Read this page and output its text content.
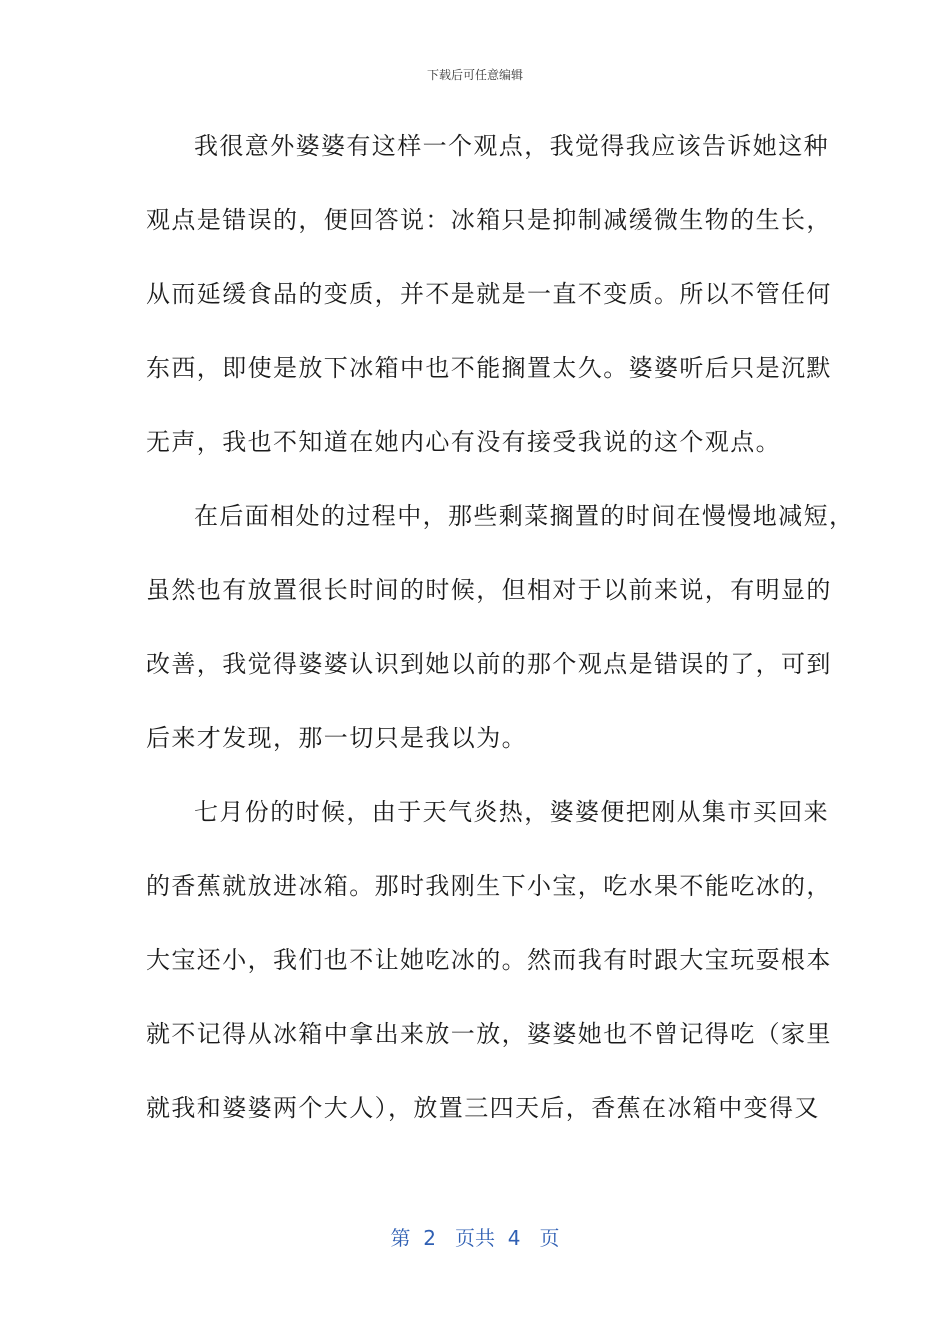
下载后可任意编辑
我很意外婆婆有这样一个观点，我觉得我应该告诉她这种
观点是错误的，便回答说：冰箱只是抑制减缓微生物的生长，
从而延缓食品的变质，并不是就是一直不变质。所以不管任何
东西，即使是放下冰箱中也不能搁置太久。婆婆听后只是沉默
无声，我也不知道在她内心有没有接受我说的这个观点。
在后面相处的过程中，那些剩菜搁置的时间在慢慢地减短，
虽然也有放置很长时间的时候，但相对于以前来说，有明显的
改善，我觉得婆婆认识到她以前的那个观点是错误的了，可到
后来才发现，那一切只是我以为。
七月份的时候，由于天气炎热，婆婆便把刚从集市买回来
的香蕉就放进冰箱。那时我刚生下小宝，吃水果不能吃冰的，
大宝还小，我们也不让她吃冰的。然而我有时跟大宝玩耍根本
就不记得从冰箱中拿出来放一放，婆婆她也不曾记得吃（家里
就我和婆婆两个大人），放置三四天后，香蕉在冰箱中变得又
第  2   页共  4   页
